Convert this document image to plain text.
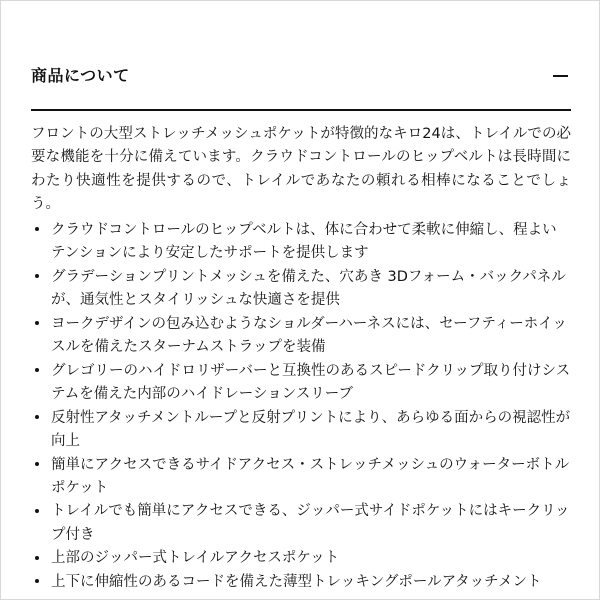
商品について

フロントの大型ストレッチメッシュポケットが特徴的なキロ24は、トレイルでの必要な機能を十分に備えています。クラウドコントロールのヒップベルトは長時間にわたり快適性を提供するので、トレイルであなたの頼れる相棒になることでしょう。

クラウドコントロールのヒップベルトは、体に合わせて柔軟に伸縮し、程よいテンションにより安定したサポートを提供します
グラデーションプリントメッシュを備えた、穴あき 3Dフォーム・バックパネルが、通気性とスタイリッシュな快適さを提供
ヨークデザインの包み込むようなショルダーハーネスには、セーフティーホイッスルを備えたスターナムストラップを装備
グレゴリーのハイドロリザーバーと互換性のあるスピードクリップ取り付けシステムを備えた内部のハイドレーションスリーブ
反射性アタッチメントループと反射プリントにより、あらゆる面からの視認性が向上
簡単にアクセスできるサイドアクセス・ストレッチメッシュのウォーターボトルポケット
トレイルでも簡単にアクセスできる、ジッパー式サイドポケットにはキークリップ付き
上部のジッパー式トレイルアクセスポケット
上下に伸縮性のあるコードを備えた薄型トレッキングポールアタッチメント
